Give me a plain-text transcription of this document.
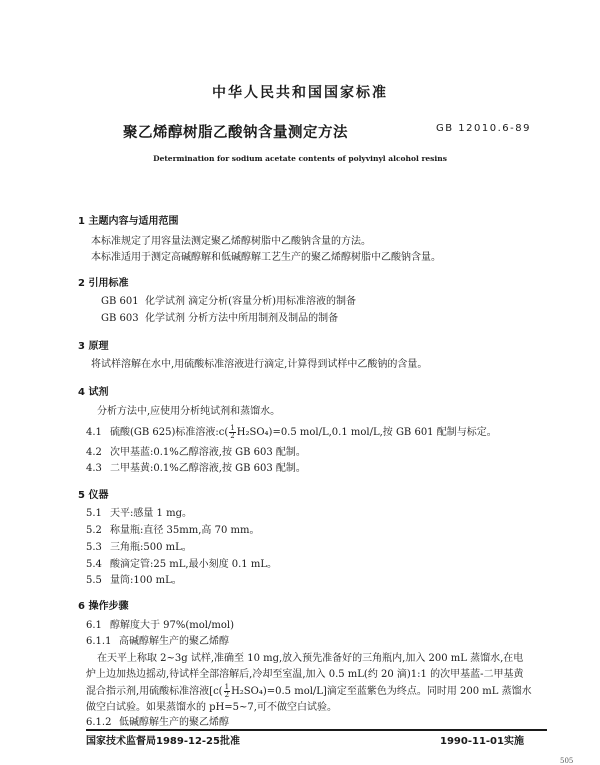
中华人民共和国国家标准
聚乙烯醇树脂乙酸钠含量测定方法	GB 12010.6-89
Determination for sodium acetate contents of polyvinyl alcohol resins
1 主题内容与适用范围
本标准规定了用容量法测定聚乙烯醇树脂中乙酸钠含量的方法。
本标准适用于测定高碱醇解和低碱醇解工艺生产的聚乙烯醇树脂中乙酸钠含量。
2 引用标准
GB 601 化学试剂 滴定分析(容量分析)用标准溶液的制备
GB 603 化学试剂 分析方法中所用制剂及制品的制备
3 原理
将试样溶解在水中,用硫酸标准溶液进行滴定,计算得到试样中乙酸钠的含量。
4 试剂
分析方法中,应使用分析纯试剂和蒸馏水。
4.1 硫酸(GB 625)标准溶液:c( $\frac{1}{2} H_2SO_4)=0.5$ mol/L,0.1 mol/L,按 GB 601 配制与标定。
4.2 次甲基蓝:0.1%乙醇溶液,按 GB 603 配制。
4.3 二甲基黄:0.1%乙醇溶液,按 GB 603 配制。
5 仪器
5.1 天平:感量 1 mg。
5.2 称量瓶:直径 35mm,高 70 mm。
5.3 三角瓶:500 mL。
5.4 酸滴定管:25 mL,最小刻度 0.1 mL。
5.5 量筒:100 mL。
6 操作步骤
6.1 醇解度大于 97%(mol/mol)
6.1.1 高碱醇解生产的聚乙烯醇
在天平上称取 2~3g 试样,准确至 10 mg,放入预先准备好的三角瓶内,加入 200 mL 蒸馏水,在电
炉上边加热边摇动,待试样全部溶解后,冷却至室温,加入 0.5 mL(约 20 滴)1:1 的次甲基蓝-二甲基黄
混合指示剂,用硫酸标准溶液[$c( \frac{1}{2} H_2SO_4)=0.5$ mol/L]滴定至蓝紫色为终点。同时用 200 mL 蒸馏水
做空白试验。如果蒸馏水的 pH=5~7,可不做空白试验。
6.1.2 低碱醇解生产的聚乙烯醇
国家技术监督局1989-12-25批准	1990-11-01实施
505
